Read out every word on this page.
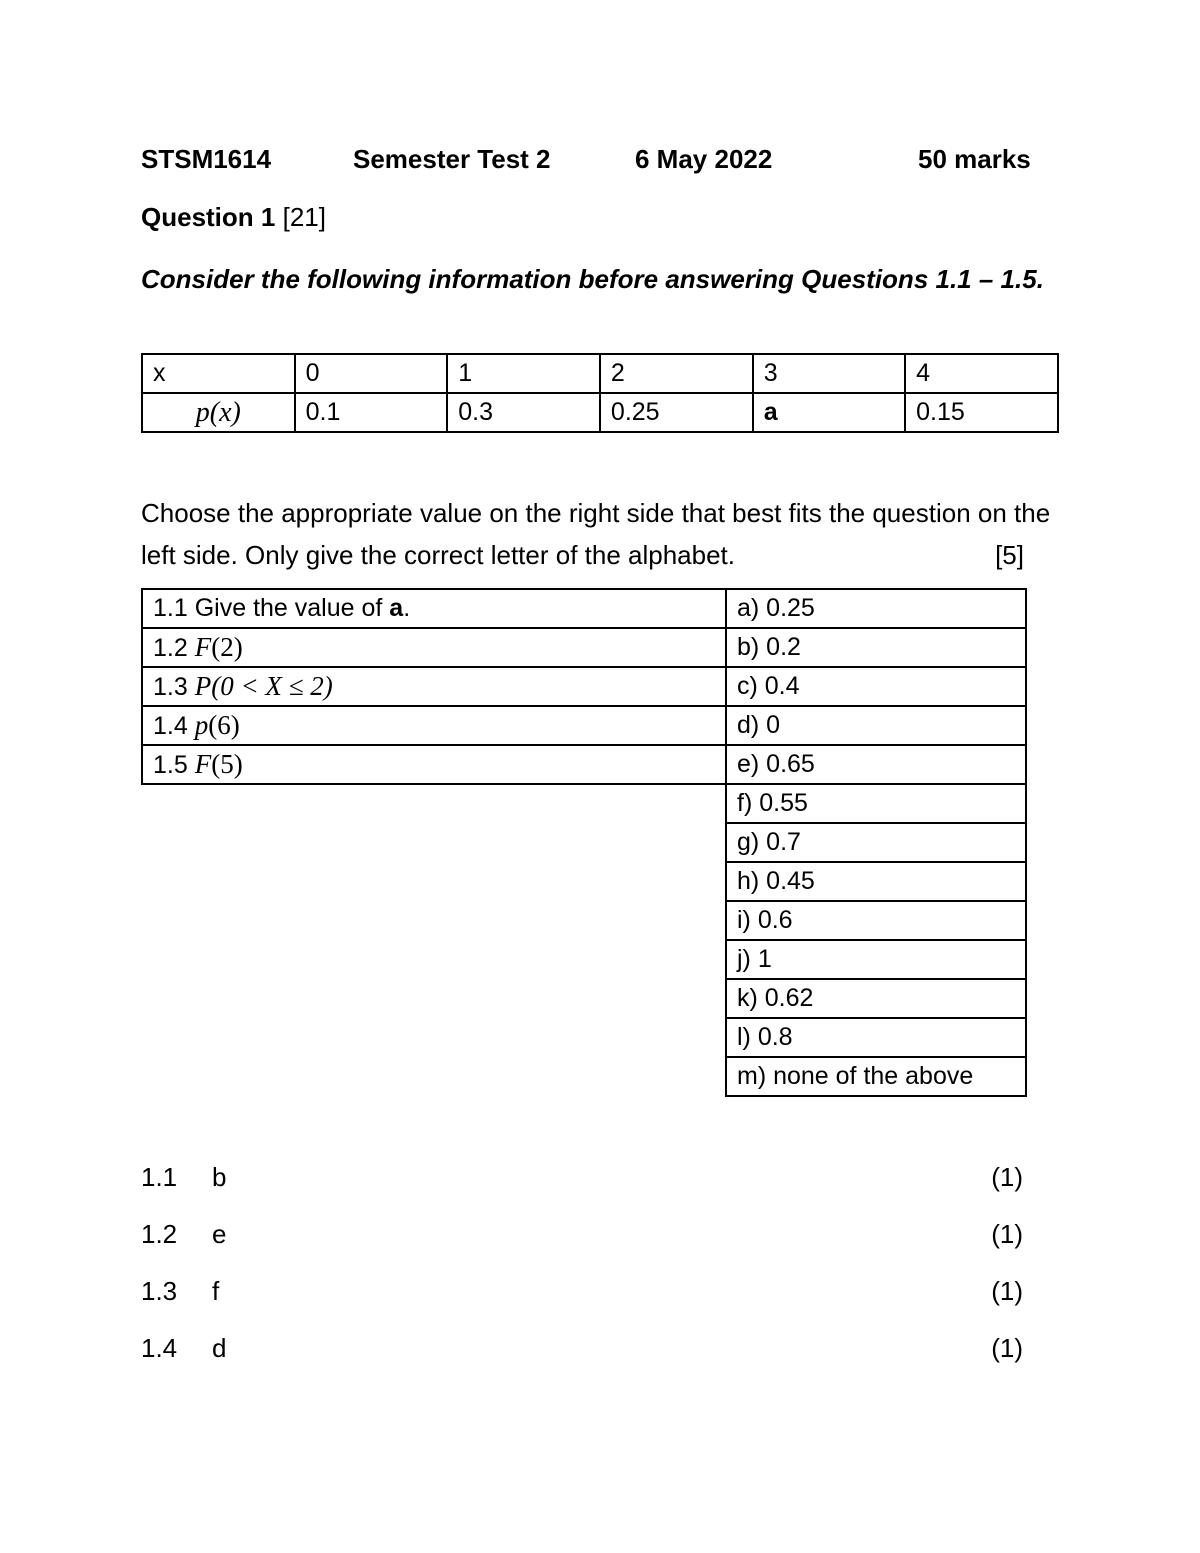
STSM1614	Semester Test 2	6 May 2022	50 marks
Question 1 [21]
Consider the following information before answering Questions 1.1 – 1.5.
x	0	1	2	3	4
p(x)	0.1	0.3	0.25	a	0.15
Choose the appropriate value on the right side that best fits the question on the left side. Only give the correct letter of the alphabet.	[5]
1.1 Give the value of a.	a) 0.25
1.2 F(2)	b) 0.2
1.3 P(0 < X ≤ 2)	c) 0.4
1.4 p(6)	d) 0
1.5 F(5)	e) 0.65
	f) 0.55
	g) 0.7
	h) 0.45
	i) 0.6
	j) 1
	k) 0.62
	l) 0.8
	m) none of the above
1.1 b	(1)
1.2 e	(1)
1.3 f	(1)
1.4 d	(1)
